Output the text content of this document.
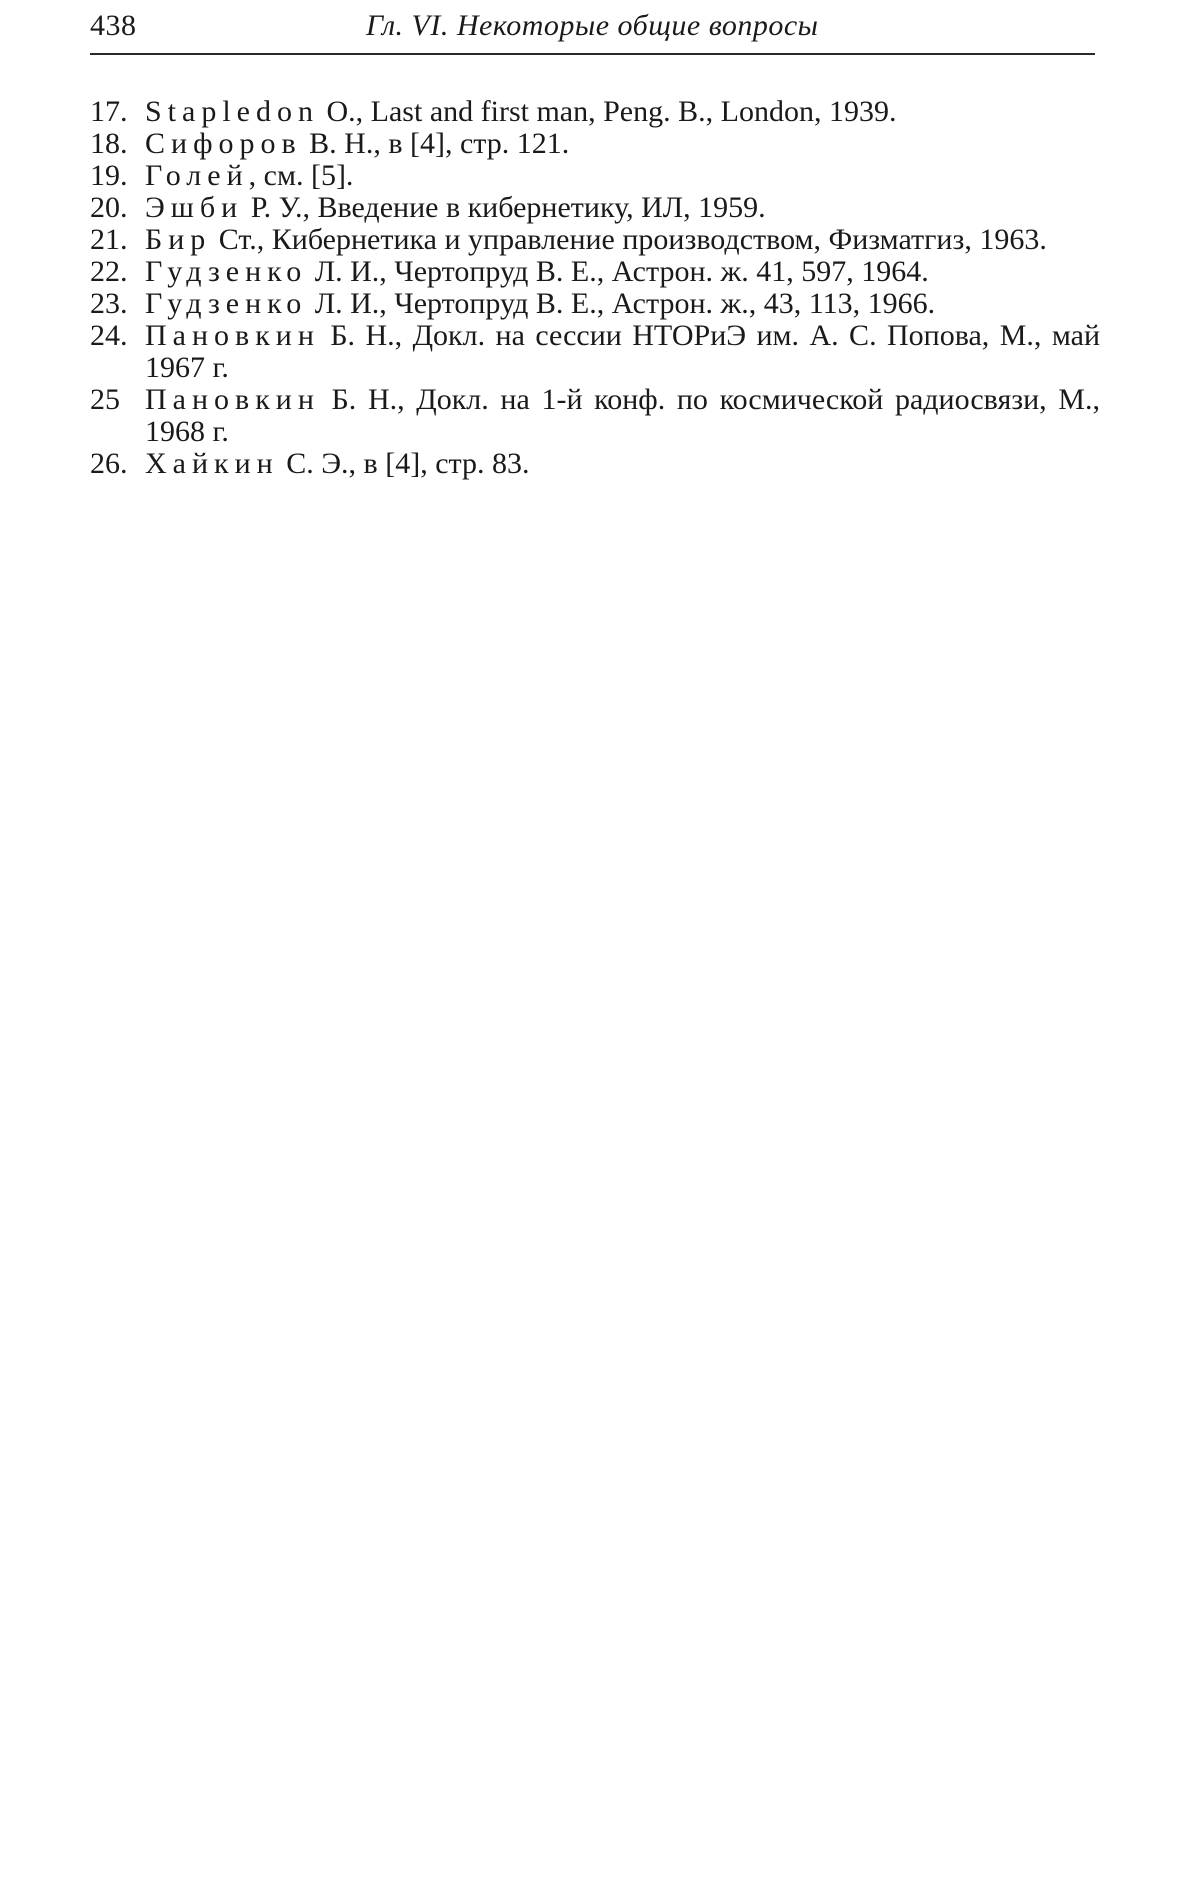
438	Гл. VI. Некоторые общие вопросы
17. Stapledon O., Last and first man, Peng. B., London, 1939.
18. Сифоров В. Н., в [4], стр. 121.
19. Голей, см. [5].
20. Эшби Р. У., Введение в кибернетику, ИЛ, 1959.
21. Бир Ст., Кибернетика и управление производством, Физматгиз, 1963.
22. Гудзенко Л. И., Чертопруд В. Е., Астрон. ж. 41, 597, 1964.
23. Гудзенко Л. И., Чертопруд В. Е., Астрон. ж., 43, 113, 1966.
24. Пановкин Б. Н., Докл. на сессии НТОРиЭ им. А. С. Попова, М., май 1967 г.
25 Пановкин Б. Н., Докл. на 1-й конф. по космической радиосвязи, М., 1968 г.
26. Хайкин С. Э., в [4], стр. 83.
